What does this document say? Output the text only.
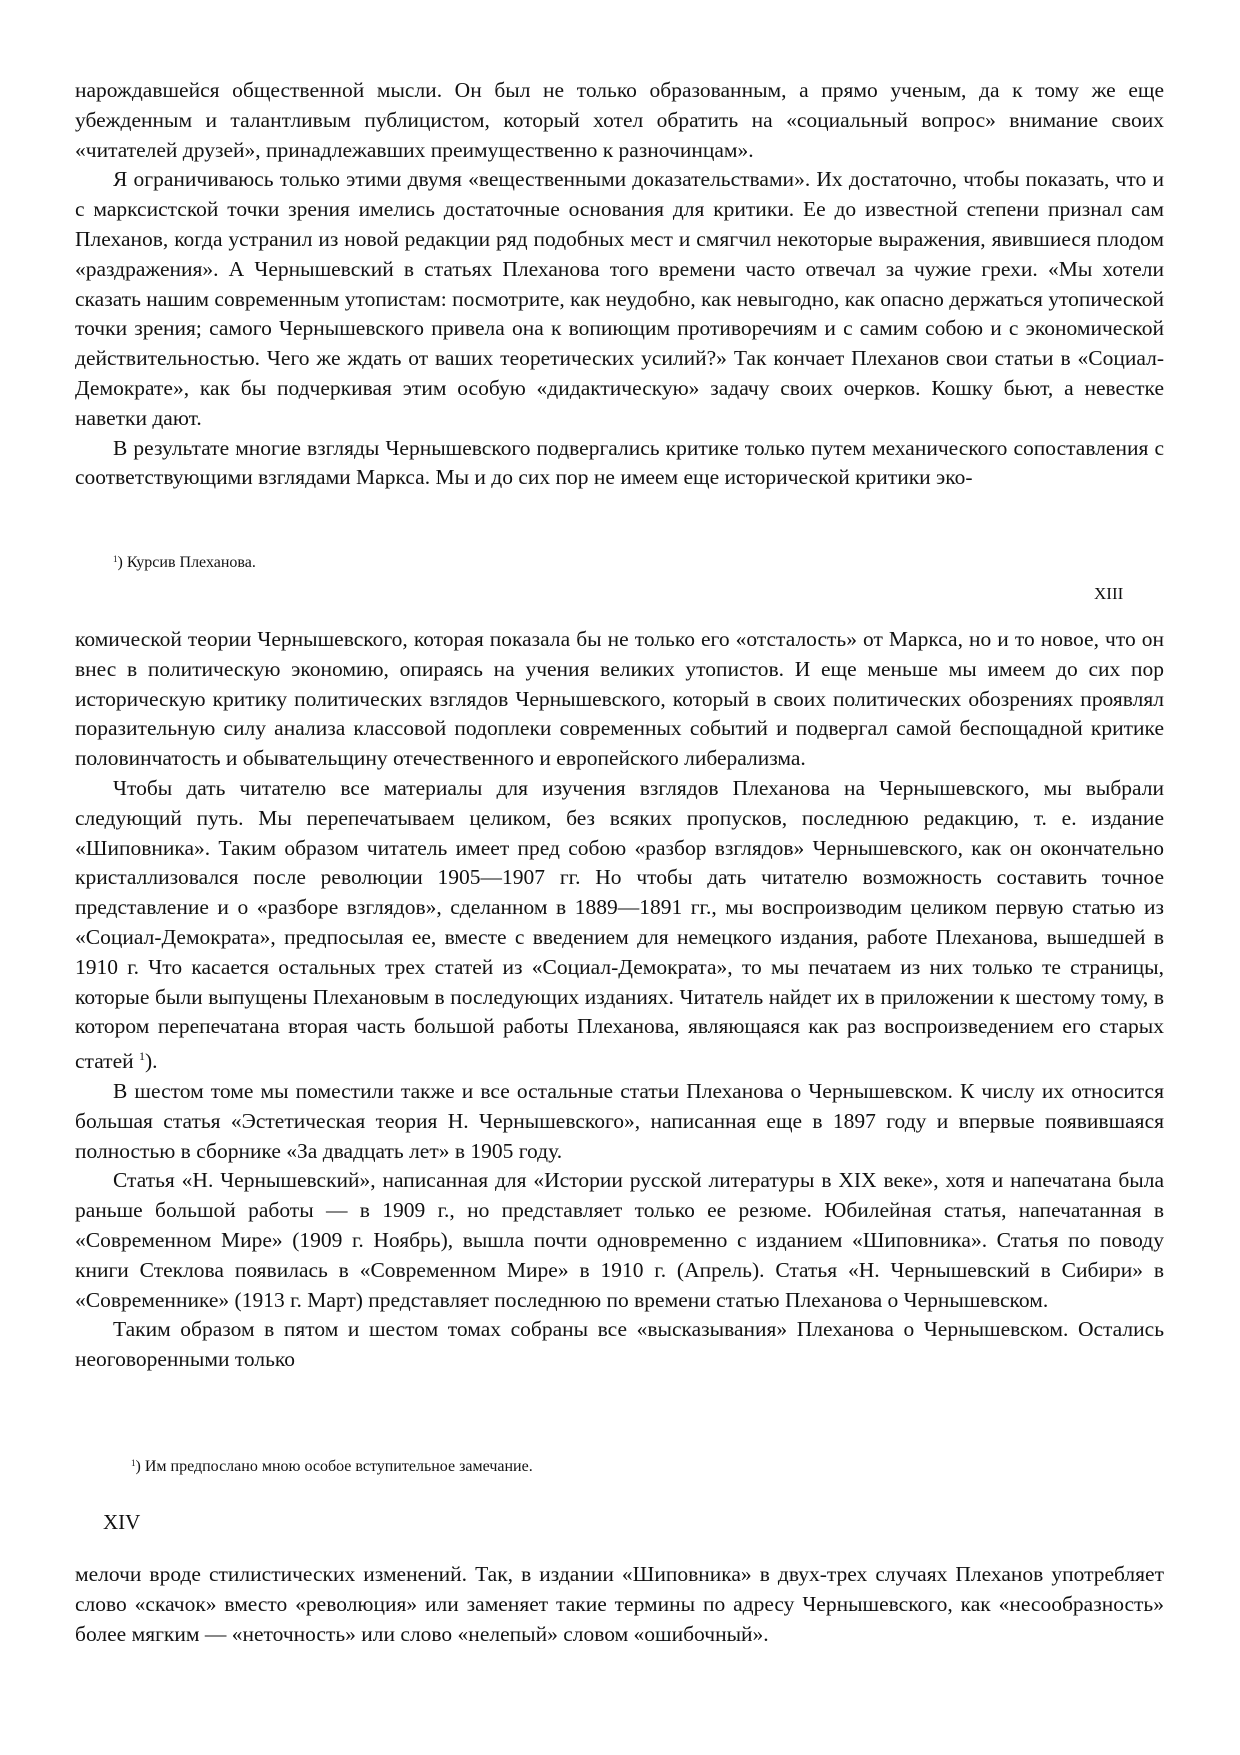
нарождавшейся общественной мысли. Он был не только образованным, а прямо ученым, да к тому же еще убежденным и талантливым публицистом, который хотел обратить на «социальный вопрос» внимание своих «читателей друзей», принадлежавших преимущественно к разночинцам».

Я ограничиваюсь только этими двумя «вещественными доказательствами». Их достаточно, чтобы показать, что и с марксистской точки зрения имелись достаточные основания для критики. Ее до известной степени признал сам Плеханов, когда устранил из новой редакции ряд подобных мест и смягчил некоторые выражения, явившиеся плодом «раздражения». А Чернышевский в статьях Плеханова того времени часто отвечал за чужие грехи. «Мы хотели сказать нашим современным утопистам: посмотрите, как неудобно, как невыгодно, как опасно держаться утопической точки зрения; самого Чернышевского привела она к вопиющим противоречиям и с самим собою и с экономической действительностью. Чего же ждать от ваших теоретических усилий?» Так кончает Плеханов свои статьи в «Социал-Демократе», как бы подчеркивая этим особую «дидактическую» задачу своих очерков. Кошку бьют, а невестке наветки дают.

В результате многие взгляды Чернышевского подвергались критике только путем механического сопоставления с соответствующими взглядами Маркса. Мы и до сих пор не имеем еще исторической критики эко-

$^1$) Курсив Плеханова.
XIII

комической теории Чернышевского, которая показала бы не только его «отсталость» от Маркса, но и то новое, что он внес в политическую экономию, опираясь на учения великих утопистов. И еще меньше мы имеем до сих пор историческую критику политических взглядов Чернышевского, который в своих политических обозрениях проявлял поразительную силу анализа классовой подоплеки современных событий и подвергал самой беспощадной критике половинчатость и обывательщину отечественного и европейского либерализма.

Чтобы дать читателю все материалы для изучения взглядов Плеханова на Чернышевского, мы выбрали следующий путь. Мы перепечатываем целиком, без всяких пропусков, последнюю редакцию, т. е. издание «Шиповника». Таким образом читатель имеет пред собою «разбор взглядов» Чернышевского, как он окончательно кристаллизовался после революции 1905—1907 гг. Но чтобы дать читателю возможность составить точное представление и о «разборе взглядов», сделанном в 1889—1891 гг., мы воспроизводим целиком первую статью из «Социал-Демократа», предпосылая ее, вместе с введением для немецкого издания, работе Плеханова, вышедшей в 1910 г. Что касается остальных трех статей из «Социал-Демократа», то мы печатаем из них только те страницы, которые были выпущены Плехановым в последующих изданиях. Читатель найдет их в приложении к шестому тому, в котором перепечатана вторая часть большой работы Плеханова, являющаяся как раз воспроизведением его старых статей $^1$).

В шестом томе мы поместили также и все остальные статьи Плеханова о Чернышевском. К числу их относится большая статья «Эстетическая теория Н. Чернышевского», написанная еще в 1897 году и впервые появившаяся полностью в сборнике «За двадцать лет» в 1905 году.

Статья «Н. Чернышевский», написанная для «Истории русской литературы в XIX веке», хотя и напечатана была раньше большой работы — в 1909 г., но представляет только ее резюме. Юбилейная статья, напечатанная в «Современном Мире» (1909 г. Ноябрь), вышла почти одновременно с изданием «Шиповника». Статья по поводу книги Стеклова появилась в «Современном Мире» в 1910 г. (Апрель). Статья «Н. Чернышевский в Сибири» в «Современнике» (1913 г. Март) представляет последнюю по времени статью Плеханова о Чернышевском.

Таким образом в пятом и шестом томах собраны все «высказывания» Плеханова о Чернышевском. Остались неоговоренными только

$^1$) Им предпослано мною особое вступительное замечание.
XIV

мелочи вроде стилистических изменений. Так, в издании «Шиповника» в двух-трех случаях Плеханов употребляет слово «скачок» вместо «революция» или заменяет такие термины по адресу Чернышевского, как «несообразность» более мягким — «неточность» или слово «нелепый» словом «ошибочный».
